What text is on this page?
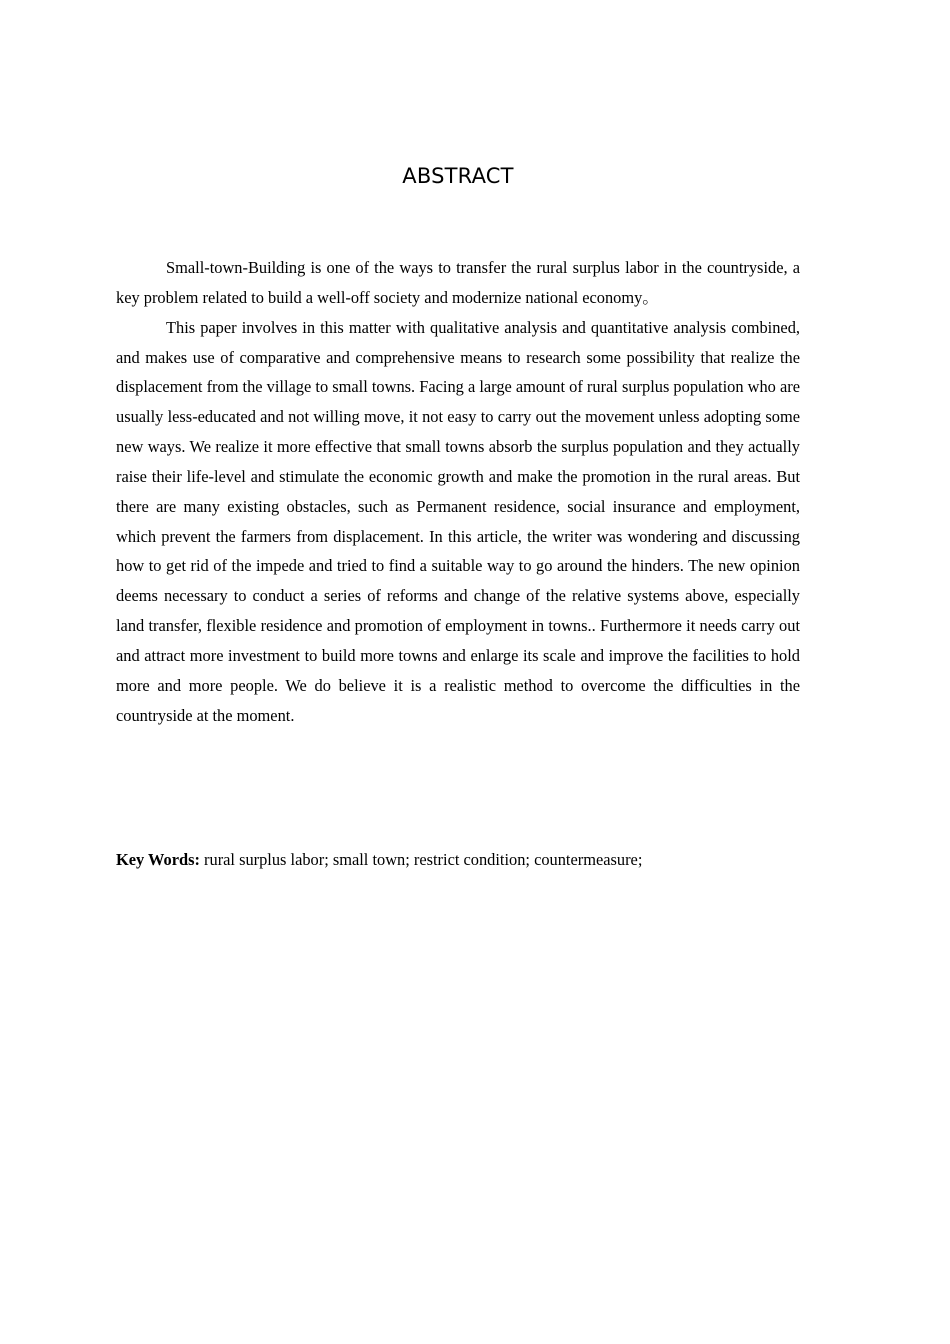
ABSTRACT

Small-town-Building is one of the ways to transfer the rural surplus labor in the countryside, a key problem related to build a well-off society and modernize national economy。

This paper involves in this matter with qualitative analysis and quantitative analysis combined, and makes use of comparative and comprehensive means to research some possibility that realize the displacement from the village to small towns. Facing a large amount of rural surplus population who are usually less-educated and not willing move, it not easy to carry out the movement unless adopting some new ways. We realize it more effective that small towns absorb the surplus population and they actually raise their life-level and stimulate the economic growth and make the promotion in the rural areas. But there are many existing obstacles, such as Permanent residence, social insurance and employment, which prevent the farmers from displacement. In this article, the writer was wondering and discussing how to get rid of the impede and tried to find a suitable way to go around the hinders. The new opinion deems necessary to conduct a series of reforms and change of the relative systems above, especially land transfer, flexible residence and promotion of employment in towns.. Furthermore it needs carry out and attract more investment to build more towns and enlarge its scale and improve the facilities to hold more and more people. We do believe it is a realistic method to overcome the difficulties in the countryside at the moment.

Key Words: rural surplus labor; small town; restrict condition; countermeasure;
